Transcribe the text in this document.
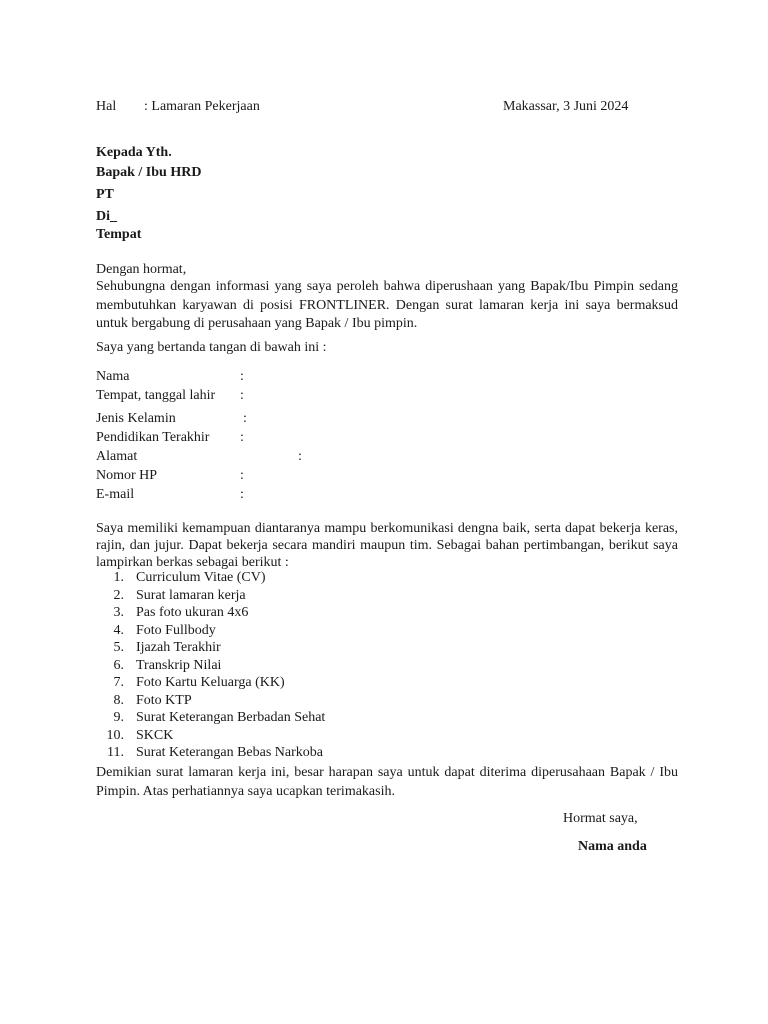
Hal : Lamaran Pekerjaan	Makassar, 3 Juni 2024
Kepada Yth.
Bapak / Ibu HRD
PT
Di_
Tempat
Dengan hormat,

Sehubungna dengan informasi yang saya peroleh bahwa diperushaan yang Bapak/Ibu Pimpin sedang membutuhkan karyawan di posisi FRONTLINER. Dengan surat lamaran kerja ini saya bermaksud untuk bergabung di perusahaan yang Bapak / Ibu pimpin.

Saya yang bertanda tangan di bawah ini :
Nama	:
Tempat, tanggal lahir :
Jenis Kelamin	:
Pendidikan Terakhir :
Alamat	:
Nomor HP	:
E-mail	:

Saya memiliki kemampuan diantaranya mampu berkomunikasi dengna baik, serta dapat bekerja keras, rajin, dan jujur. Dapat bekerja secara mandiri maupun tim. Sebagai bahan pertimbangan, berikut saya lampirkan berkas sebagai berikut :

1. Curriculum Vitae (CV)
2. Surat lamaran kerja
3. Pas foto ukuran 4x6
4. Foto Fullbody
5. Ijazah Terakhir
6. Transkrip Nilai
7. Foto Kartu Keluarga (KK)
8. Foto KTP
9. Surat Keterangan Berbadan Sehat
10. SKCK
11. Surat Keterangan Bebas Narkoba

Demikian surat lamaran kerja ini, besar harapan saya untuk dapat diterima diperusahaan Bapak / Ibu Pimpin. Atas perhatiannya saya ucapkan terimakasih.

Hormat saya,
Nama anda
